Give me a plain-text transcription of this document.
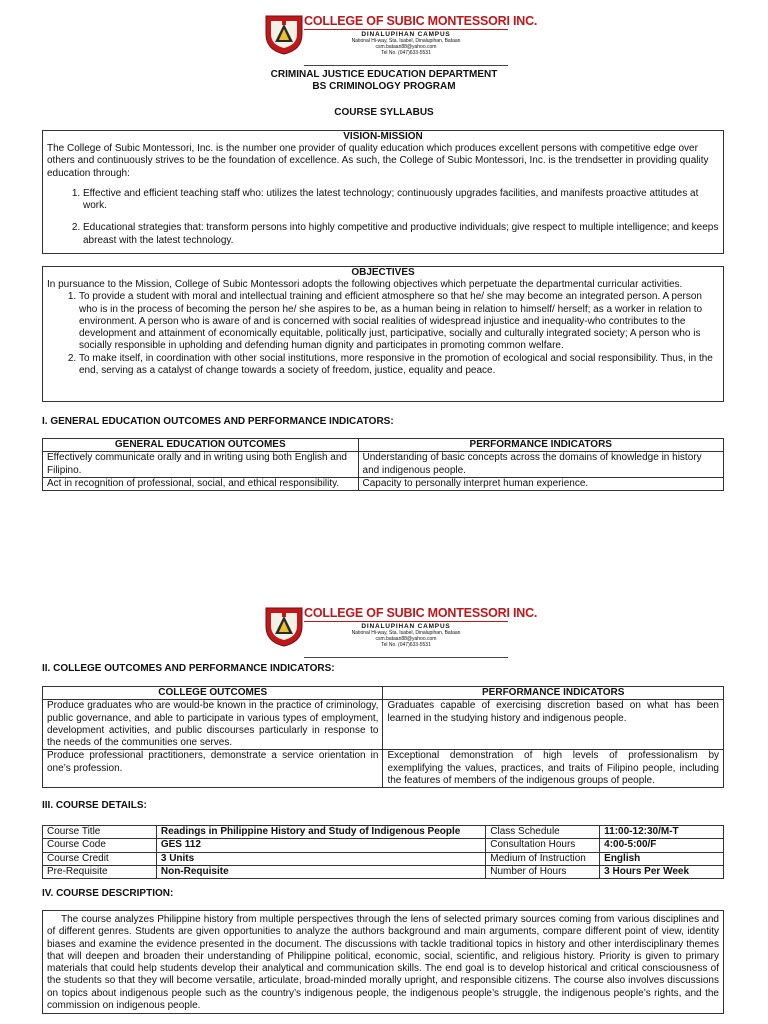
COLLEGE OF SUBIC MONTESSORI INC.
DINALUPIHAN CAMPUS
National Hi-way, Sta. Isabel, Dinalupihan, Bataan
csm.bataan88@yahoo.com
Tel No. (047)633-5531
CRIMINAL JUSTICE EDUCATION DEPARTMENT
BS CRIMINOLOGY PROGRAM
COURSE SYLLABUS
VISION-MISSION
The College of Subic Montessori, Inc. is the number one provider of quality education which produces excellent persons with competitive edge over others and continuously strives to be the foundation of excellence. As such, the College of Subic Montessori, Inc. is the trendsetter in providing quality education through:
1. Effective and efficient teaching staff who: utilizes the latest technology; continuously upgrades facilities, and manifests proactive attitudes at work.
2. Educational strategies that: transform persons into highly competitive and productive individuals; give respect to multiple intelligence; and keeps abreast with the latest technology.
OBJECTIVES
In pursuance to the Mission, College of Subic Montessori adopts the following objectives which perpetuate the departmental curricular activities.
1. To provide a student with moral and intellectual training and efficient atmosphere so that he/ she may become an integrated person. A person who is in the process of becoming the person he/ she aspires to be, as a human being in relation to himself/ herself; as a worker in relation to environment. A person who is aware of and is concerned with social realities of widespread injustice and inequality-who contributes to the development and attainment of economically equitable, politically just, participative, socially and culturally integrated society; A person who is socially responsible in upholding and defending human dignity and participates in promoting common welfare.
2. To make itself, in coordination with other social institutions, more responsive in the promotion of ecological and social responsibility. Thus, in the end, serving as a catalyst of change towards a society of freedom, justice, equality and peace.
I. GENERAL EDUCATION OUTCOMES AND PERFORMANCE INDICATORS:
GENERAL EDUCATION OUTCOMES	PERFORMANCE INDICATORS
Effectively communicate orally and in writing using both English and Filipino.	Understanding of basic concepts across the domains of knowledge in history and indigenous people.
Act in recognition of professional, social, and ethical responsibility.	Capacity to personally interpret human experience.
COLLEGE OF SUBIC MONTESSORI INC.
DINALUPIHAN CAMPUS
National Hi-way, Sta. Isabel, Dinalupihan, Bataan
csm.bataan88@yahoo.com
Tel No. (047)633-5531
II. COLLEGE OUTCOMES AND PERFORMANCE INDICATORS:
COLLEGE OUTCOMES	PERFORMANCE INDICATORS
Produce graduates who are would-be known in the practice of criminology, public governance, and able to participate in various types of employment, development activities, and public discourses particularly in response to the needs of the communities one serves.	Graduates capable of exercising discretion based on what has been learned in the studying history and indigenous people.
Produce professional practitioners, demonstrate a service orientation in one’s profession.	Exceptional demonstration of high levels of professionalism by exemplifying the values, practices, and traits of Filipino people, including the features of members of the indigenous groups of people.
III. COURSE DETAILS:
Course Title	Readings in Philippine History and Study of Indigenous People	Class Schedule	11:00-12:30/M-T
Course Code	GES 112	Consultation Hours	4:00-5:00/F
Course Credit	3 Units	Medium of Instruction	English
Pre-Requisite	Non-Requisite	Number of Hours	3 Hours Per Week
IV. COURSE DESCRIPTION:
The course analyzes Philippine history from multiple perspectives through the lens of selected primary sources coming from various disciplines and of different genres. Students are given opportunities to analyze the authors background and main arguments, compare different point of view, identity biases and examine the evidence presented in the document. The discussions with tackle traditional topics in history and other interdisciplinary themes that will deepen and broaden their understanding of Philippine political, economic, social, scientific, and religious history. Priority is given to primary materials that could help students develop their analytical and communication skills. The end goal is to develop historical and critical consciousness of the students so that they will become versatile, articulate, broad-minded morally upright, and responsible citizens. The course also involves discussions on topics about indigenous people such as the country’s indigenous people, the indigenous people’s struggle, the indigenous people’s rights, and the commission on indigenous people.
